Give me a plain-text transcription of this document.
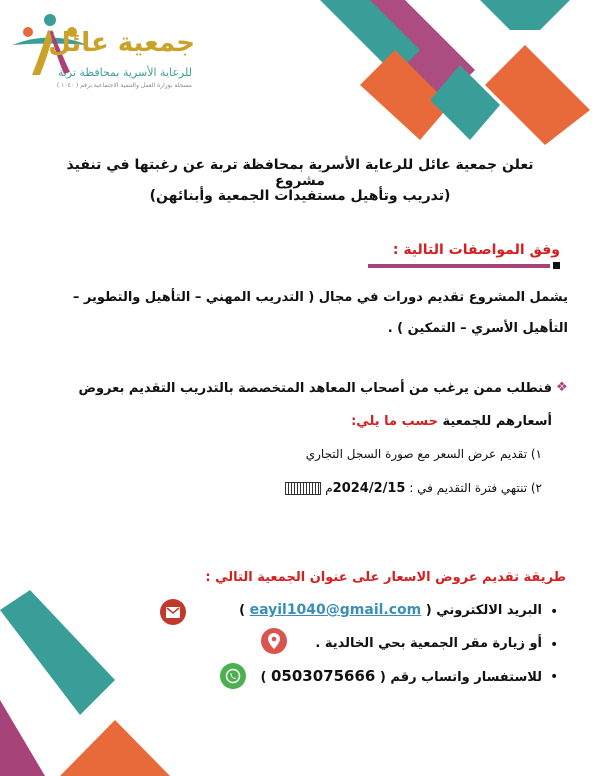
جمعية عائل
للرعاية الأسرية بمحافظة تربة
مسجلة بوزارة العمل والتنمية الاجتماعية برقم ( ١٠٤٠ )
تعلن جمعية عائل للرعاية الأسرية بمحافظة تربة عن رغبتها في تنفيذ مشروع
(تدريب وتأهيل مستفيدات الجمعية وأبنائهن)
وفق المواصفات التالية :
يشمل المشروع تقديم دورات في مجال ( التدريب المهني – التأهيل والتطوير –
التأهيل الأسري – التمكين ) .
❖
فنطلب ممن يرغب من أصحاب المعاهد المتخصصة بالتدريب التقديم بعروض
أسعارهم للجمعية حسب ما يلي:
١) تقديم عرض السعر مع صورة السجل التجاري
٢) تنتهي فترة التقديم في : 2024/2/15م
طريقة تقديم عروض الاسعار على عنوان الجمعية التالي :
•
البريد الالكتروني ( eayil1040@gmail.com )
•
أو زيارة مقر الجمعية بحي الخالدية .
•
للاستفسار واتساب رقم ( 0503075666 )
